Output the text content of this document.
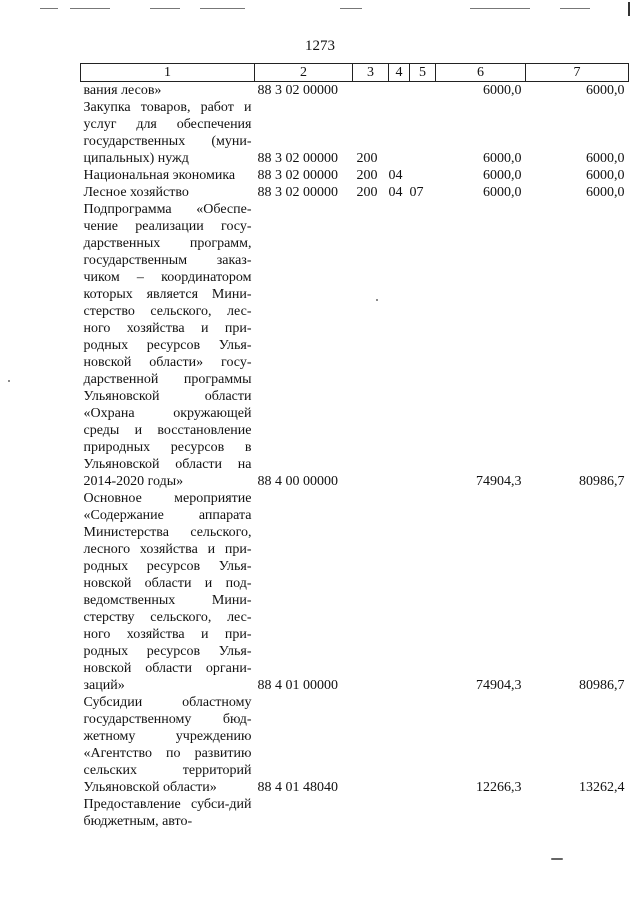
1273
1	2	3	4	5	6	7
вания лесов»	88 3 02 00000				6000,0	6000,0
Закупка товаров, работ и услуг для обеспечения государственных (муни-ципальных) нужд	88 3 02 00000	200			6000,0	6000,0
Национальная экономика	88 3 02 00000	200	04		6000,0	6000,0
Лесное хозяйство	88 3 02 00000	200	04	07	6000,0	6000,0
Подпрограмма «Обеспе-чение реализации госу-дарственных программ, государственным заказ-чиком – координатором которых является Мини-стерство сельского, лес-ного хозяйства и при-родных ресурсов Улья-новской области» госу-дарственной программы Ульяновской области «Охрана окружающей среды и восстановление природных ресурсов в Ульяновской области на 2014-2020 годы»	88 4 00 00000				74904,3	80986,7
Основное мероприятие «Содержание аппарата Министерства сельского, лесного хозяйства и при-родных ресурсов Улья-новской области и под-ведомственных Мини-стерству сельского, лес-ного хозяйства и при-родных ресурсов Улья-новской области органи-заций»	88 4 01 00000				74904,3	80986,7
Субсидии областному государственному бюд-жетному учреждению «Агентство по развитию сельских территорий Ульяновской области»	88 4 01 48040				12266,3	13262,4
Предоставление субси-дий бюджетным, авто-						
